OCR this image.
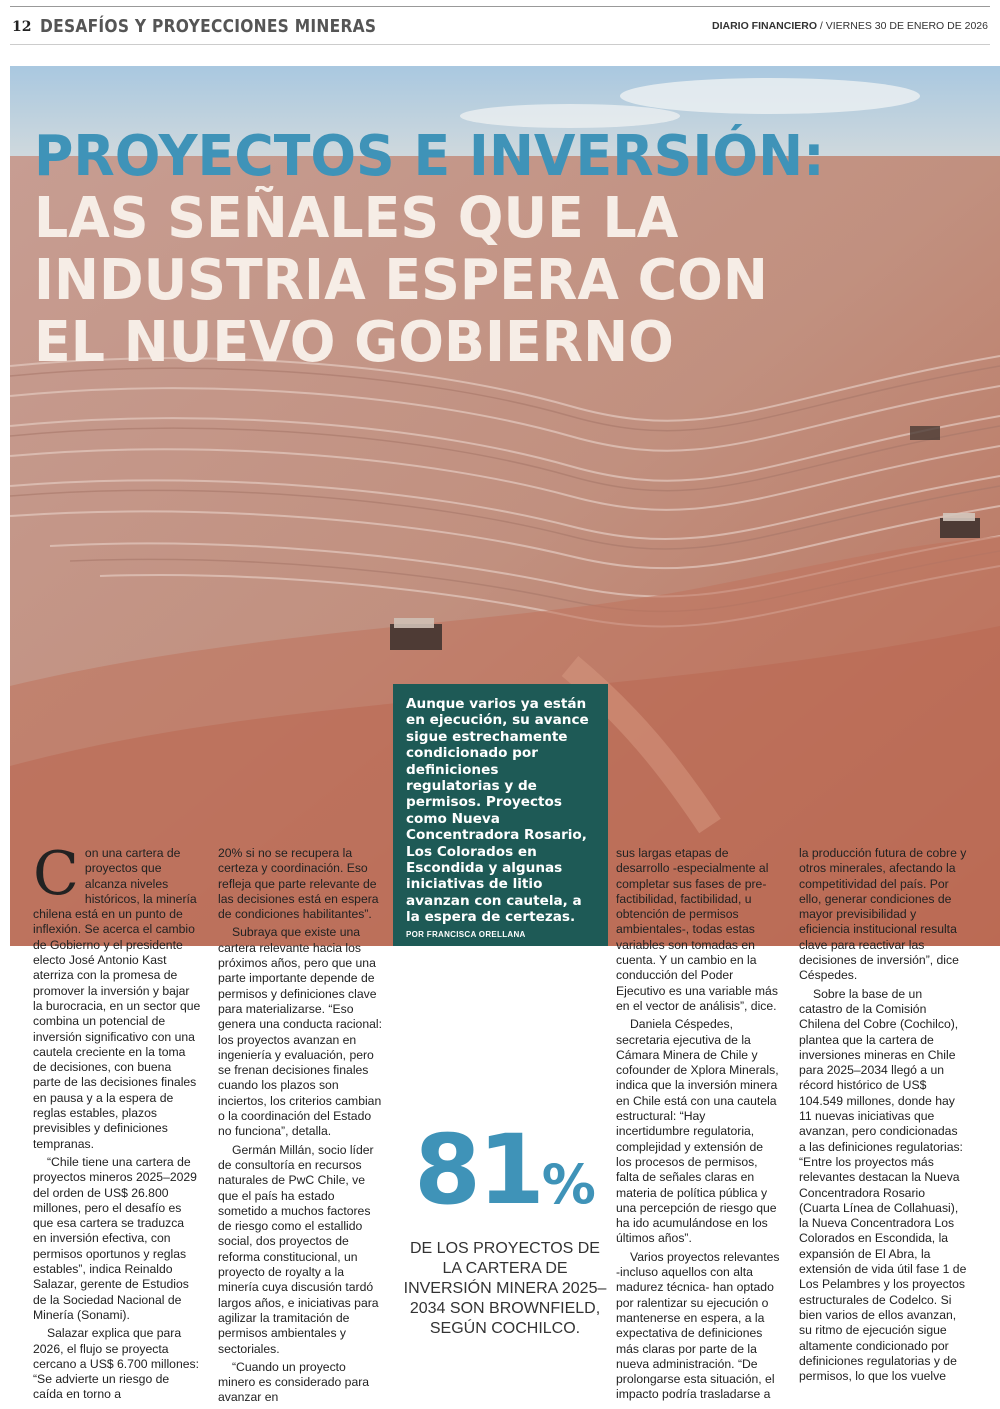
12 DESAFÍOS Y PROYECCIONES MINERAS	DIARIO FINANCIERO / VIERNES 30 DE ENERO DE 2026
PROYECTOS E INVERSIÓN:
LAS SEÑALES QUE LA
INDUSTRIA ESPERA CON
EL NUEVO GOBIERNO

Aunque varios ya están en ejecución, su avance sigue estrechamente condicionado por definiciones regulatorias y de permisos. Proyectos como Nueva Concentradora Rosario, Los Colorados en Escondida y algunas iniciativas de litio avanzan con cautela, a la espera de certezas.

POR FRANCISCA ORELLANA

Con una cartera de proyectos que alcanza niveles históricos, la minería chilena está en un punto de inflexión. Se acerca el cambio de Gobierno y el presidente electo José Antonio Kast aterriza con la promesa de promover la inversión y bajar la burocracia, en un sector que combina un potencial de inversión significativo con una cautela creciente en la toma de decisiones, con buena parte de las decisiones finales en pausa y a la espera de reglas estables, plazos previsibles y definiciones tempranas.

“Chile tiene una cartera de proyectos mineros 2025–2029 del orden de US$ 26.800 millones, pero el desafío es que esa cartera se traduzca en inversión efectiva, con permisos oportunos y reglas estables”, indica Reinaldo Salazar, gerente de Estudios de la Sociedad Nacional de Minería (Sonami).

Salazar explica que para 2026, el flujo se proyecta cercano a US$ 6.700 millones: “Se advierte un riesgo de caída en torno a

20% si no se recupera la certeza y coordinación. Eso refleja que parte relevante de las decisiones está en espera de condiciones habilitantes”.

Subraya que existe una cartera relevante hacia los próximos años, pero que una parte importante depende de permisos y definiciones clave para materializarse. “Eso genera una conducta racional: los proyectos avanzan en ingeniería y evaluación, pero se frenan decisiones finales cuando los plazos son inciertos, los criterios cambian o la coordinación del Estado no funciona”, detalla.

Germán Millán, socio líder de consultoría en recursos naturales de PwC Chile, ve que el país ha estado sometido a muchos factores de riesgo como el estallido social, dos proyectos de reforma constitucional, un proyecto de royalty a la minería cuya discusión tardó largos años, e iniciativas para agilizar la tramitación de permisos ambientales y sectoriales.

“Cuando un proyecto minero es considerado para avanzar en

81%
DE LOS PROYECTOS DE LA CARTERA DE INVERSIÓN MINERA 2025–2034 SON BROWNFIELD, SEGÚN COCHILCO.

sus largas etapas de desarrollo -especialmente al completar sus fases de pre-factibilidad, factibilidad, u obtención de permisos ambientales-, todas estas variables son tomadas en cuenta. Y un cambio en la conducción del Poder Ejecutivo es una variable más en el vector de análisis”, dice.

Daniela Céspedes, secretaria ejecutiva de la Cámara Minera de Chile y cofounder de Xplora Minerals, indica que la inversión minera en Chile está con una cautela estructural: “Hay incertidumbre regulatoria, complejidad y extensión de los procesos de permisos, falta de señales claras en materia de política pública y una percepción de riesgo que ha ido acumulándose en los últimos años”.

Varios proyectos relevantes -incluso aquellos con alta madurez técnica- han optado por ralentizar su ejecución o mantenerse en espera, a la expectativa de definiciones más claras por parte de la nueva administración. “De prolongarse esta situación, el impacto podría trasladarse a

la producción futura de cobre y otros minerales, afectando la competitividad del país. Por ello, generar condiciones de mayor previsibilidad y eficiencia institucional resulta clave para reactivar las decisiones de inversión”, dice Céspedes.

Sobre la base de un catastro de la Comisión Chilena del Cobre (Cochilco), plantea que la cartera de inversiones mineras en Chile para 2025–2034 llegó a un récord histórico de US$ 104.549 millones, donde hay 11 nuevas iniciativas que avanzan, pero condicionadas a las definiciones regulatorias: “Entre los proyectos más relevantes destacan la Nueva Concentradora Rosario (Cuarta Línea de Collahuasi), la Nueva Concentradora Los Colorados en Escondida, la expansión de El Abra, la extensión de vida útil fase 1 de Los Pelambres y los proyectos estructurales de Codelco. Si bien varios de ellos avanzan, su ritmo de ejecución sigue altamente condicionado por definiciones regulatorias y de permisos, lo que los vuelve
